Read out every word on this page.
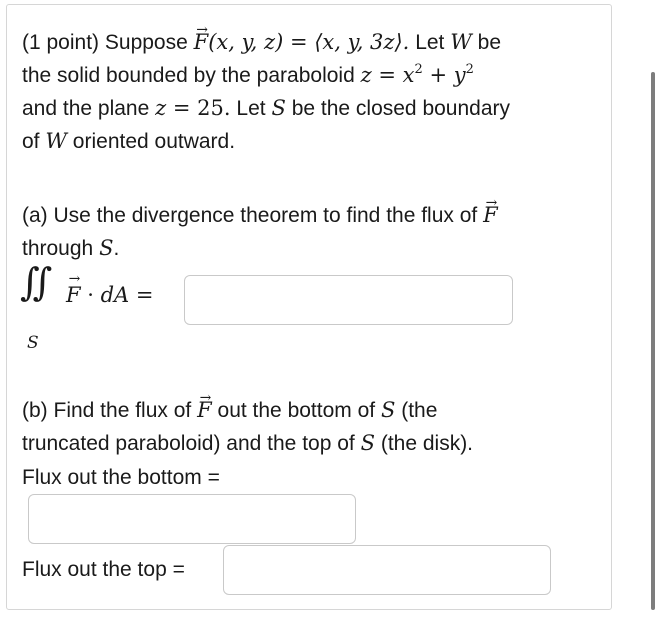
(1 point) Suppose → F(x, y, z) = ⟨x, y, 3z⟩. Let W be
the solid bounded by the paraboloid $z = x^2 + y^2$
and the plane z = 25. Let S be the closed boundary
of W oriented outward.
(a) Use the divergence theorem to find the flux of → F
through S.
∬
S
→ F · dA =
(b) Find the flux of → F out the bottom of S (the
truncated paraboloid) and the top of S (the disk).
Flux out the bottom =
Flux out the top =
